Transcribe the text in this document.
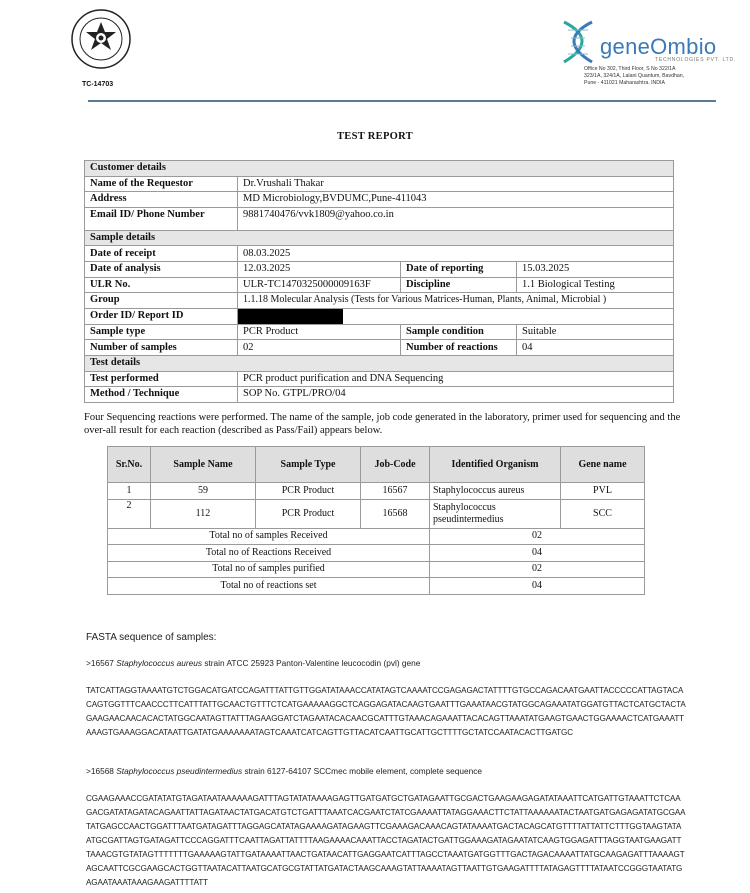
TC-14703
geneOmbio
TECHNOLOGIES PVT. LTD.
Office No 302, Third Floor, S No 322/1A
323/1A, 324/1A, Lalani Quantum, Bavdhan,
Pune - 411021 Maharashtra. INDIA
TEST REPORT
Customer details			
Name of the Requestor	Dr.Vrushali Thakar		
Address	MD Microbiology,BVDUMC,Pune-411043		
Email ID/ Phone Number	9881740476/vvk1809@yahoo.co.in		
Sample details			
Date of receipt	08.03.2025		
Date of analysis	12.03.2025	Date of reporting	15.03.2025
ULR No.	ULR-TC1470325000009163F	Discipline	1.1 Biological Testing
Group	1.1.18 Molecular Analysis (Tests for Various Matrices-Human, Plants, Animal, Microbial )		
Order ID/ Report ID			
Sample type	PCR Product	Sample condition	Suitable
Number of samples	02	Number of reactions	04
Test details			
Test performed	PCR product purification and DNA Sequencing		
Method / Technique	SOP No. GTPL/PRO/04		
Four Sequencing reactions were performed. The name of the sample, job code generated in the laboratory, primer used for sequencing and the over-all result for each reaction (described as Pass/Fail) appears below.
Sr.No.	Sample Name	Sample Type	Job-Code	Identified Organism	Gene name
1	59	PCR Product	16567	Staphylococcus aureus	PVL
2	112	PCR Product	16568	Staphylococcus pseudintermedius	SCC
Total no of samples Received				02	
Total no of Reactions Received				04	
Total no of samples purified				02	
Total no of reactions set				04	
FASTA sequence of samples:
>16567 Staphylococcus aureus strain ATCC 25923 Panton-Valentine leucocodin (pvl) gene
TATCATTAGGTAAAATGTCTGGACATGATCCAGATTTATTGTTGGATATAAACCATATAGTCAAAATCCGAGAGACTATTTTGTGCCAGACAATGAATTACCCCCATTAGTACACAGTGGTTTCAACCCTTCATTTATTGCAACTGTTTCTCATGAAAAAGGCTCAGGAGATACAAGTGAATTTGAAATAACGTATGGCAGAAATATGGATGTTACTCATGCTACTAGAAGAACAACACACTATGGCAATAGTTATTTAGAAGGATCTAGAATACACAACGCATTTGTAAACAGAAATTACACAGTTAAATATGAAGTGAACTGGAAAACTCATGAAATTAAAGTGAAAGGACATAATTGATATGAAAAAAATAGTCAAATCATCAGTTGTTACATCAATTGCATTGCTTTTGCTATCCAATACACTTGATGC
>16568 Staphylococcus pseudintermedius strain 6127-64107 SCCmec mobile element, complete sequence
CGAAGAAACCGATATATGTAGATAATAAAAAAGATTTAGTATATAAAAGAGTTGATGATGCTGATAGAATTGCGACTGAAGAAGAGATATAAATTCATGATTGTAAATTCTCAAGACGATATAGATACAGAATTATTAGATAACTATGACATGTCTGATTTAAATCACGAATCTATCGAAAATTATAGGAAACTTCTATTAAAAAATACTAATGATGAGAGATATGCGAATATGAGCCAACTGGATTTAATGATAGATTTAGGAGCATATAGAAAAGATAGAAGTTCGAAAGACAAACAGTATAAAATGACTACAGCATGTTTTATTATTCTTTGGTAAGTATAATGCGATTAGTGATAGATTCCCAGGATTTCAATTAGATTATTTTAAGAAAACAAATTACCTAGATACTGATTGGAAAGATAGAATATCAAGTGGAGATTTAGGTAATGAAGATTTAAACGTGTATAGTTTTTTTGAAAAAGTATTGATAAAATTAACTGATAACATTGAGGAATCATTTAGCCTAAATGATGGTTTGACTAGACAAAATTATGCAAGAGATTTAAAAGTAGCAATTCGCGAAGCACTGGTTAATACATTAATGCATGCGTATTATGATACTAAGCAAAGTATTAAAATAGTTAATTGTGAAGATTTTATAGAGTTTTATAATCCGGGTAATATGAGAATAAATAAAGAAGATTTTATT
